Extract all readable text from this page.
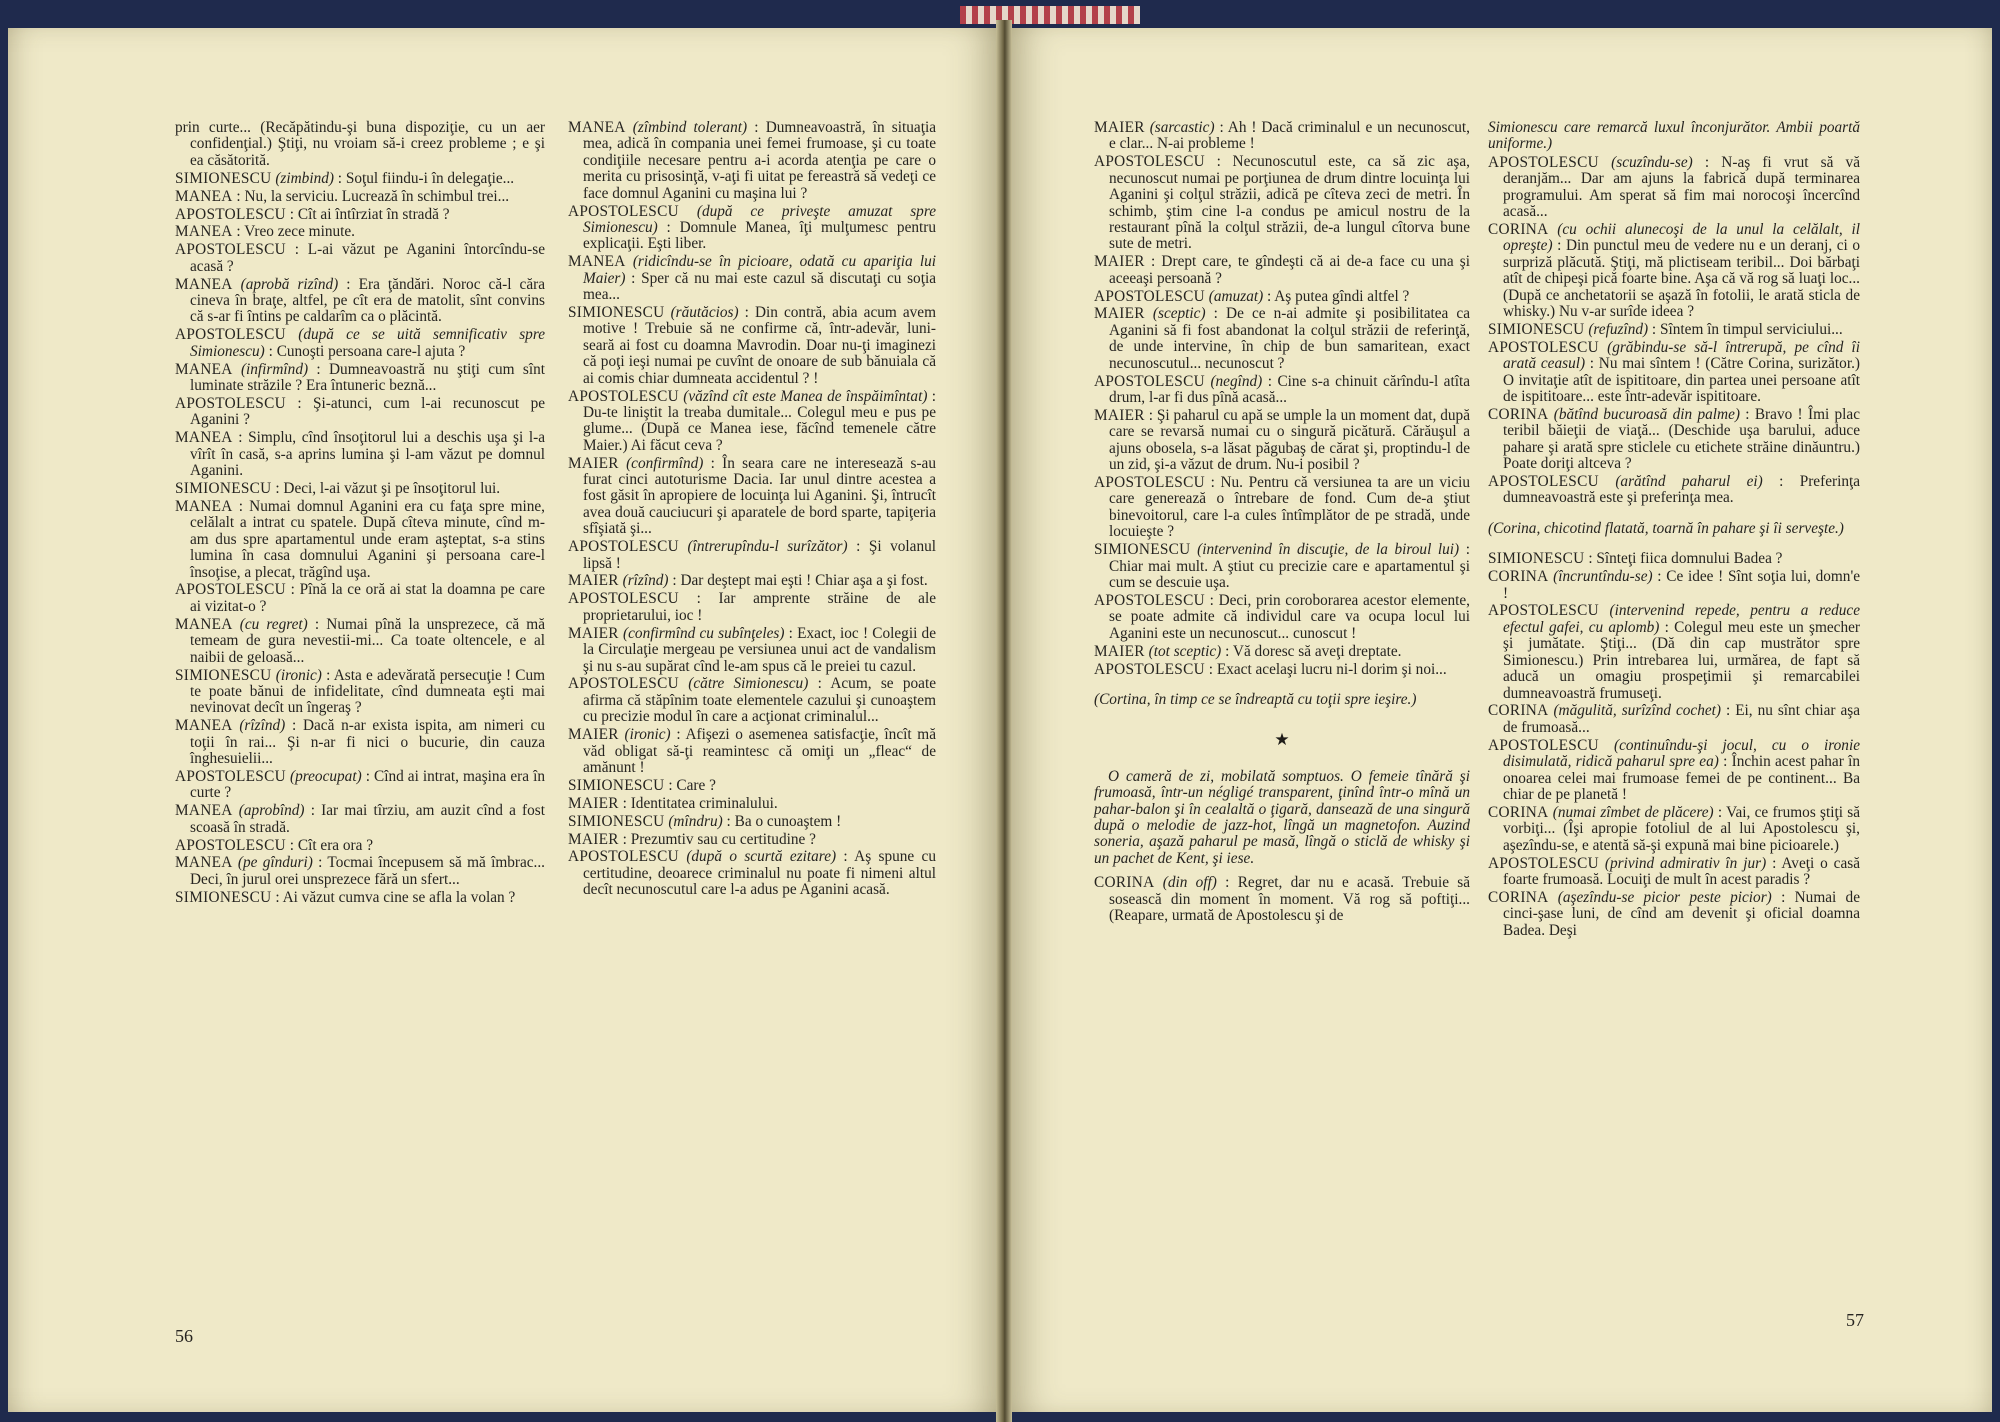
prin curte... (Recăpătindu-şi buna dispoziţie, cu un aer confidenţial.) Ştiţi, nu vroiam să-i creez probleme ; e şi ea căsătorită.

SIMIONESCU (zimbind) : Soţul fiindu-i în delegaţie...

MANEA : Nu, la serviciu. Lucrează în schimbul trei...

APOSTOLESCU : Cît ai întîrziat în stradă ?

MANEA : Vreo zece minute.

APOSTOLESCU : L-ai văzut pe Aganini întorcîndu-se acasă ?

MANEA (aprobă rizînd) : Era ţăndări. Noroc că-l căra cineva în braţe, altfel, pe cît era de matolit, sînt convins că s-ar fi întins pe caldarîm ca o plăcintă.

APOSTOLESCU (după ce se uită semnificativ spre Simionescu) : Cunoşti persoana care-l ajuta ?

MANEA (infirmînd) : Dumneavoastră nu ştiţi cum sînt luminate străzile ? Era întuneric beznă...

APOSTOLESCU : Şi-atunci, cum l-ai recunoscut pe Aganini ?

MANEA : Simplu, cînd însoţitorul lui a deschis uşa şi l-a vîrît în casă, s-a aprins lumina şi l-am văzut pe domnul Aganini.

SIMIONESCU : Deci, l-ai văzut şi pe însoţitorul lui.

MANEA : Numai domnul Aganini era cu faţa spre mine, celălalt a intrat cu spatele. După cîteva minute, cînd m-am dus spre apartamentul unde eram aşteptat, s-a stins lumina în casa domnului Aganini şi persoana care-l însoţise, a plecat, trăgînd uşa.

APOSTOLESCU : Pînă la ce oră ai stat la doamna pe care ai vizitat-o ?

MANEA (cu regret) : Numai pînă la unsprezece, că mă temeam de gura nevestii-mi... Ca toate oltencele, e al naibii de geloasă...

SIMIONESCU (ironic) : Asta e adevărată persecuţie ! Cum te poate bănui de infidelitate, cînd dumneata eşti mai nevinovat decît un îngeraş ?

MANEA (rîzînd) : Dacă n-ar exista ispita, am nimeri cu toţii în rai... Şi n-ar fi nici o bucurie, din cauza înghesuielii...

APOSTOLESCU (preocupat) : Cînd ai intrat, maşina era în curte ?

MANEA (aprobînd) : Iar mai tîrziu, am auzit cînd a fost scoasă în stradă.

APOSTOLESCU : Cît era ora ?

MANEA (pe gînduri) : Tocmai începusem să mă îmbrac... Deci, în jurul orei unsprezece fără un sfert...

SIMIONESCU : Ai văzut cumva cine se afla la volan ?

MANEA (zîmbind tolerant) : Dumneavoastră, în situaţia mea, adică în compania unei femei frumoase, şi cu toate condiţiile necesare pentru a-i acorda atenţia pe care o merita cu prisosinţă, v-aţi fi uitat pe fereastră să vedeţi ce face domnul Aganini cu maşina lui ?

APOSTOLESCU (după ce priveşte amuzat spre Simionescu) : Domnule Manea, îţi mulţumesc pentru explicaţii. Eşti liber.

MANEA (ridicîndu-se în picioare, odată cu apariţia lui Maier) : Sper că nu mai este cazul să discutaţi cu soţia mea...

SIMIONESCU (răutăcios) : Din contră, abia acum avem motive ! Trebuie să ne confirme că, într-adevăr, luni-seară ai fost cu doamna Mavrodin. Doar nu-ţi imaginezi că poţi ieşi numai pe cuvînt de onoare de sub bănuiala că ai comis chiar dumneata accidentul ? !

APOSTOLESCU (văzînd cît este Manea de înspăimîntat) : Du-te liniştit la treaba dumitale... Colegul meu e pus pe glume... (După ce Manea iese, făcînd temenele către Maier.) Ai făcut ceva ?

MAIER (confirmînd) : În seara care ne interesează s-au furat cinci autoturisme Dacia. Iar unul dintre acestea a fost găsit în apropiere de locuinţa lui Aganini. Şi, întrucît avea două cauciucuri şi aparatele de bord sparte, tapiţeria sfîşiată şi...

APOSTOLESCU (întrerupîndu-l surîzător) : Şi volanul lipsă !

MAIER (rîzînd) : Dar deştept mai eşti ! Chiar aşa a şi fost.

APOSTOLESCU : Iar amprente străine de ale proprietarului, ioc !

MAIER (confirmînd cu subînţeles) : Exact, ioc ! Colegii de la Circulaţie mergeau pe versiunea unui act de vandalism şi nu s-au supărat cînd le-am spus că le preiei tu cazul.

APOSTOLESCU (către Simionescu) : Acum, se poate afirma că stăpînim toate elementele cazului şi cunoaştem cu precizie modul în care a acţionat criminalul...

MAIER (ironic) : Afişezi o asemenea satisfacţie, încît mă văd obligat să-ţi reamintesc că omiţi un „fleac“ de amănunt !

SIMIONESCU : Care ?

MAIER : Identitatea criminalului.

SIMIONESCU (mîndru) : Ba o cunoaştem !

MAIER : Prezumtiv sau cu certitudine ?

APOSTOLESCU (după o scurtă ezitare) : Aş spune cu certitudine, deoarece criminalul nu poate fi nimeni altul decît necunoscutul care l-a adus pe Aganini acasă.

MAIER (sarcastic) : Ah ! Dacă criminalul e un necunoscut, e clar... N-ai probleme !

APOSTOLESCU : Necunoscutul este, ca să zic aşa, necunoscut numai pe porţiunea de drum dintre locuinţa lui Aganini şi colţul străzii, adică pe cîteva zeci de metri. În schimb, ştim cine l-a condus pe amicul nostru de la restaurant pînă la colţul străzii, de-a lungul cîtorva bune sute de metri.

MAIER : Drept care, te gîndeşti că ai de-a face cu una şi aceeaşi persoană ?

APOSTOLESCU (amuzat) : Aş putea gîndi altfel ?

MAIER (sceptic) : De ce n-ai admite şi posibilitatea ca Aganini să fi fost abandonat la colţul străzii de referinţă, de unde intervine, în chip de bun samaritean, exact necunoscutul... necunoscut ?

APOSTOLESCU (negînd) : Cine s-a chinuit cărîndu-l atîta drum, l-ar fi dus pînă acasă...

MAIER : Şi paharul cu apă se umple la un moment dat, după care se revarsă numai cu o singură picătură. Cărăuşul a ajuns obosela, s-a lăsat păgubaş de cărat şi, proptindu-l de un zid, şi-a văzut de drum. Nu-i posibil ?

APOSTOLESCU : Nu. Pentru că versiunea ta are un viciu care generează o întrebare de fond. Cum de-a ştiut binevoitorul, care l-a cules întîmplător de pe stradă, unde locuieşte ?

SIMIONESCU (intervenind în discuţie, de la biroul lui) : Chiar mai mult. A ştiut cu precizie care e apartamentul şi cum se descuie uşa.

APOSTOLESCU : Deci, prin coroborarea acestor elemente, se poate admite că individul care va ocupa locul lui Aganini este un necunoscut... cunoscut !

MAIER (tot sceptic) : Vă doresc să aveţi dreptate.

APOSTOLESCU : Exact acelaşi lucru ni-l dorim şi noi...

(Cortina, în timp ce se îndreaptă cu toţii spre ieşire.)

★

O cameră de zi, mobilată somptuos. O femeie tînără şi frumoasă, într-un négligé transparent, ţinînd într-o mînă un pahar-balon şi în cealaltă o ţigară, dansează de una singură după o melodie de jazz-hot, lîngă un magnetofon. Auzind soneria, aşază paharul pe masă, lîngă o sticlă de whisky şi un pachet de Kent, şi iese.

CORINA (din off) : Regret, dar nu e acasă. Trebuie să sosească din moment în moment. Vă rog să poftiţi... (Reapare, urmată de Apostolescu şi de

Simionescu care remarcă luxul înconjurător. Ambii poartă uniforme.)

APOSTOLESCU (scuzîndu-se) : N-aş fi vrut să vă deranjăm... Dar am ajuns la fabrică după terminarea programului. Am sperat să fim mai norocoşi încercînd acasă...

CORINA (cu ochii alunecoşi de la unul la celălalt, il opreşte) : Din punctul meu de vedere nu e un deranj, ci o surpriză plăcută. Ştiţi, mă plictiseam teribil... Doi bărbaţi atît de chipeşi pică foarte bine. Aşa că vă rog să luaţi loc... (După ce anchetatorii se aşază în fotolii, le arată sticla de whisky.) Nu v-ar surîde ideea ?

SIMIONESCU (refuzînd) : Sîntem în timpul serviciului...

APOSTOLESCU (grăbindu-se să-l întrerupă, pe cînd îi arată ceasul) : Nu mai sîntem ! (Către Corina, surizător.) O invitaţie atît de ispititoare, din partea unei persoane atît de ispititoare... este într-adevăr ispititoare.

CORINA (bătînd bucuroasă din palme) : Bravo ! Îmi plac teribil băieţii de viaţă... (Deschide uşa barului, aduce pahare şi arată spre sticlele cu etichete străine dinăuntru.) Poate doriţi altceva ?

APOSTOLESCU (arătînd paharul ei) : Preferinţa dumneavoastră este şi preferinţa mea.

(Corina, chicotind flatată, toarnă în pahare şi îi serveşte.)

SIMIONESCU : Sînteţi fiica domnului Badea ?

CORINA (încruntîndu-se) : Ce idee ! Sînt soţia lui, domn'e !

APOSTOLESCU (intervenind repede, pentru a reduce efectul gafei, cu aplomb) : Colegul meu este un şmecher şi jumătate. Ştiţi... (Dă din cap mustrător spre Simionescu.) Prin intrebarea lui, urmărea, de fapt să aducă un omagiu prospeţimii şi remarcabilei dumneavoastră frumuseţi.

CORINA (măgulită, surîzînd cochet) : Ei, nu sînt chiar aşa de frumoasă...

APOSTOLESCU (continuîndu-şi jocul, cu o ironie disimulată, ridică paharul spre ea) : Închin acest pahar în onoarea celei mai frumoase femei de pe continent... Ba chiar de pe planetă !

CORINA (numai zîmbet de plăcere) : Vai, ce frumos ştiţi să vorbiţi... (Îşi apropie fotoliul de al lui Apostolescu şi, aşezîndu-se, e atentă să-şi expună mai bine picioarele.)

APOSTOLESCU (privind admirativ în jur) : Aveţi o casă foarte frumoasă. Locuiţi de mult în acest paradis ?

CORINA (aşezîndu-se picior peste picior) : Numai de cinci-şase luni, de cînd am devenit şi oficial doamna Badea. Deşi

56
57
